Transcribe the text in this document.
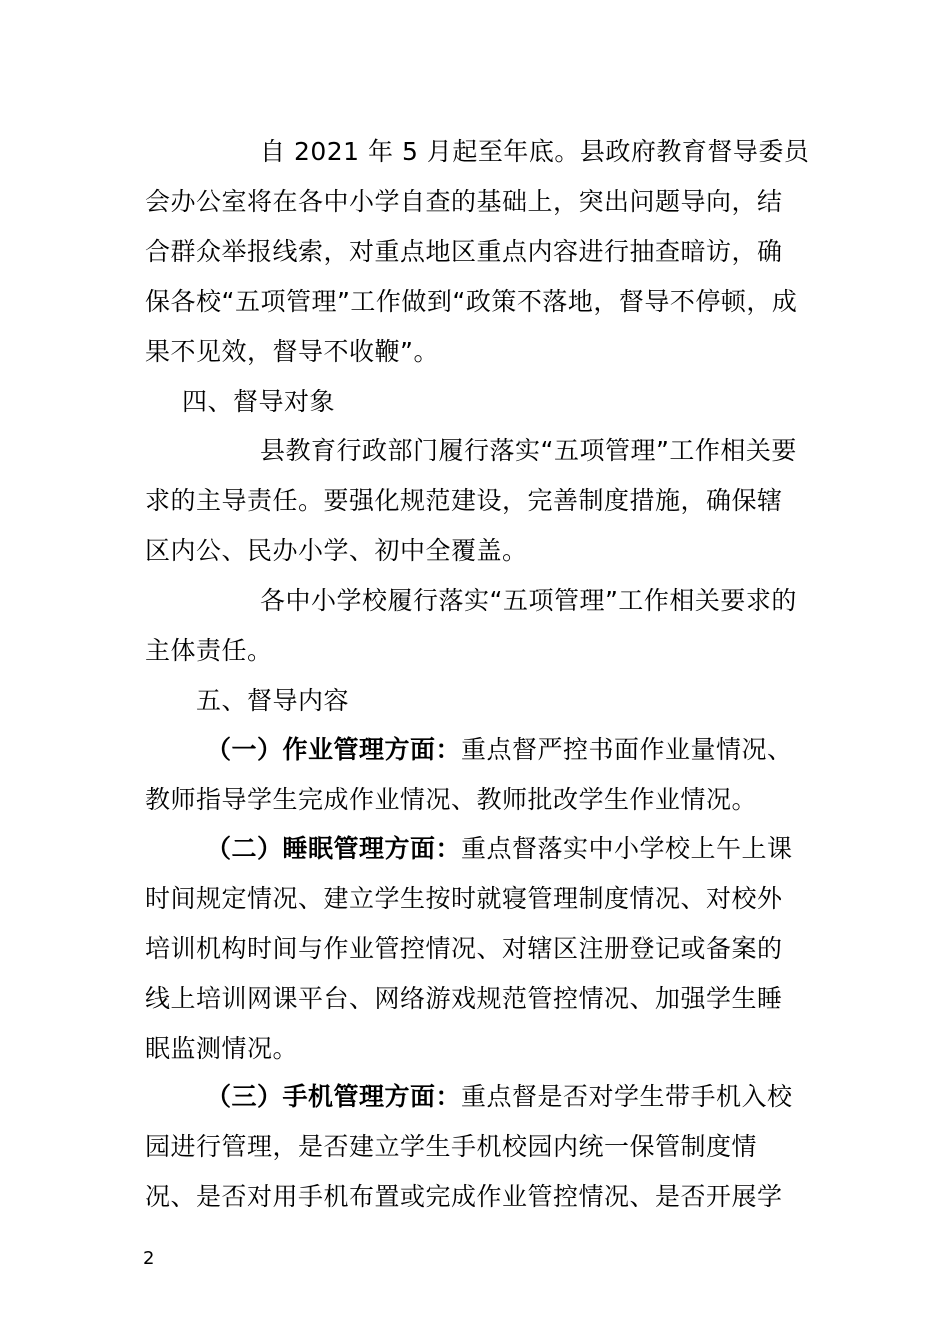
自 2021 年 5 月起至年底。县政府教育督导委员
会办公室将在各中小学自查的基础上，突出问题导向，结
合群众举报线索，对重点地区重点内容进行抽查暗访，确
保各校“五项管理”工作做到“政策不落地，督导不停顿，成
果不见效，督导不收鞭”。
四、督导对象
县教育行政部门履行落实“五项管理”工作相关要
求的主导责任。要强化规范建设，完善制度措施，确保辖
区内公、民办小学、初中全覆盖。
各中小学校履行落实“五项管理”工作相关要求的
主体责任。
五、督导内容
（一）作业管理方面：重点督严控书面作业量情况、
教师指导学生完成作业情况、教师批改学生作业情况。
（二）睡眠管理方面：重点督落实中小学校上午上课
时间规定情况、建立学生按时就寝管理制度情况、对校外
培训机构时间与作业管控情况、对辖区注册登记或备案的
线上培训网课平台、网络游戏规范管控情况、加强学生睡
眠监测情况。
（三）手机管理方面：重点督是否对学生带手机入校
园进行管理，是否建立学生手机校园内统一保管制度情
况、是否对用手机布置或完成作业管控情况、是否开展学
2
